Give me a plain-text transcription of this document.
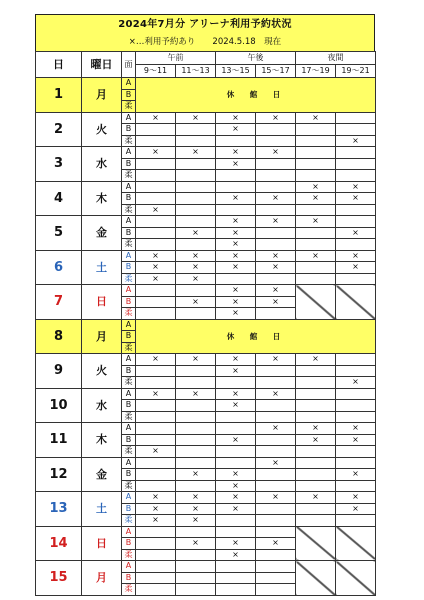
2024年7月分 アリーナ利用予約状況
×…利用予約あり　　2024.5.18　現在
日	曜日	面	午前		午後		夜間	
			9～11	11～13	13～15	15～17	17～19	19～21
1	月	A	休　館　日					
		B						
		柔						
2	火	A	×	×	×	×	×	
		B			×			
		柔						×
3	水	A	×	×	×	×		
		B			×			
		柔						
4	木	A					×	×
		B			×	×	×	×
		柔	×					
5	金	A			×	×	×	
		B		×	×			×
		柔			×			
6	土	A	×	×	×	×	×	×
		B	×	×	×	×		×
		柔	×	×				
7	日	A			×	×		
		B		×	×	×		
		柔			×			
8	月	A	休　館　日					
		B						
		柔						
9	火	A	×	×	×	×	×	
		B			×			
		柔						×
10	水	A	×	×	×	×		
		B			×			
		柔						
11	木	A				×	×	×
		B			×		×	×
		柔	×					
12	金	A				×		
		B		×	×			×
		柔			×			
13	土	A	×	×	×	×	×	×
		B	×	×	×			×
		柔	×	×				
14	日	A						
		B		×	×	×		
		柔			×			
15	月	A						
		B						
		柔						
